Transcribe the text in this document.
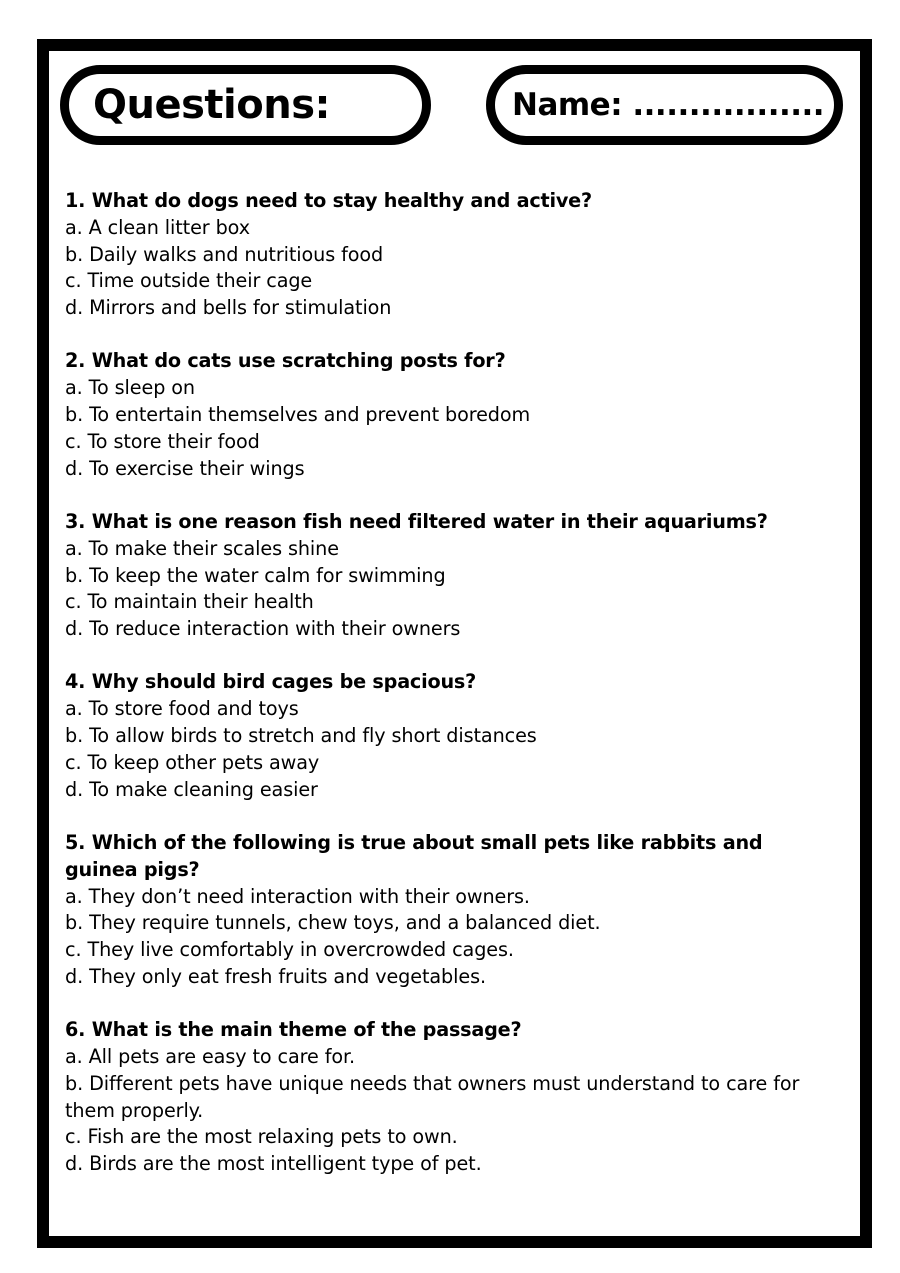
Questions:	Name: .................

1. What do dogs need to stay healthy and active?

a. A clean litter box

b. Daily walks and nutritious food

c. Time outside their cage

d. Mirrors and bells for stimulation

2. What do cats use scratching posts for?

a. To sleep on

b. To entertain themselves and prevent boredom

c. To store their food

d. To exercise their wings

3. What is one reason fish need filtered water in their aquariums?

a. To make their scales shine

b. To keep the water calm for swimming

c. To maintain their health

d. To reduce interaction with their owners

4. Why should bird cages be spacious?

a. To store food and toys

b. To allow birds to stretch and fly short distances

c. To keep other pets away

d. To make cleaning easier

5. Which of the following is true about small pets like rabbits and guinea pigs?

a. They don’t need interaction with their owners.

b. They require tunnels, chew toys, and a balanced diet.

c. They live comfortably in overcrowded cages.

d. They only eat fresh fruits and vegetables.

6. What is the main theme of the passage?

a. All pets are easy to care for.

b. Different pets have unique needs that owners must understand to care for them properly.

c. Fish are the most relaxing pets to own.

d. Birds are the most intelligent type of pet.
